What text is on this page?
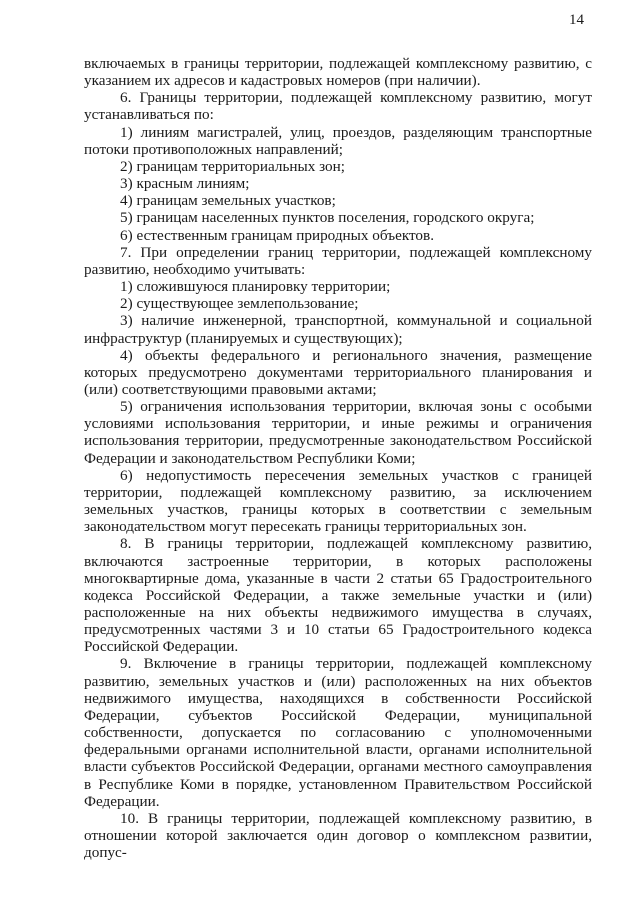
14

включаемых в границы территории, подлежащей комплексному развитию, с указанием их адресов и кадастровых номеров (при наличии).

6. Границы территории, подлежащей комплексному развитию, могут устанавливаться по:

1) линиям магистралей, улиц, проездов, разделяющим транспортные потоки противоположных направлений;

2) границам территориальных зон;

3) красным линиям;

4) границам земельных участков;

5) границам населенных пунктов поселения, городского округа;

6) естественным границам природных объектов.

7. При определении границ территории, подлежащей комплексному развитию, необходимо учитывать:

1) сложившуюся планировку территории;

2) существующее землепользование;

3) наличие инженерной, транспортной, коммунальной и социальной инфраструктур (планируемых и существующих);

4) объекты федерального и регионального значения, размещение которых предусмотрено документами территориального планирования и (или) соответствующими правовыми актами;

5) ограничения использования территории, включая зоны с особыми условиями использования территории, и иные режимы и ограничения использования территории, предусмотренные законодательством Российской Федерации и законодательством Республики Коми;

6) недопустимость пересечения земельных участков с границей территории, подлежащей комплексному развитию, за исключением земельных участков, границы которых в соответствии с земельным законодательством могут пересекать границы территориальных зон.

8. В границы территории, подлежащей комплексному развитию, включаются застроенные территории, в которых расположены многоквартирные дома, указанные в части 2 статьи 65 Градостроительного кодекса Российской Федерации, а также земельные участки и (или) расположенные на них объекты недвижимого имущества в случаях, предусмотренных частями 3 и 10 статьи 65 Градостроительного кодекса Российской Федерации.

9. Включение в границы территории, подлежащей комплексному развитию, земельных участков и (или) расположенных на них объектов недвижимого имущества, находящихся в собственности Российской Федерации, субъектов Российской Федерации, муниципальной собственности, допускается по согласованию с уполномоченными федеральными органами исполнительной власти, органами исполнительной власти субъектов Российской Федерации, органами местного самоуправления в Республике Коми в порядке, установленном Правительством Российской Федерации.

10. В границы территории, подлежащей комплексному развитию, в отношении которой заключается один договор о комплексном развитии, допус-
